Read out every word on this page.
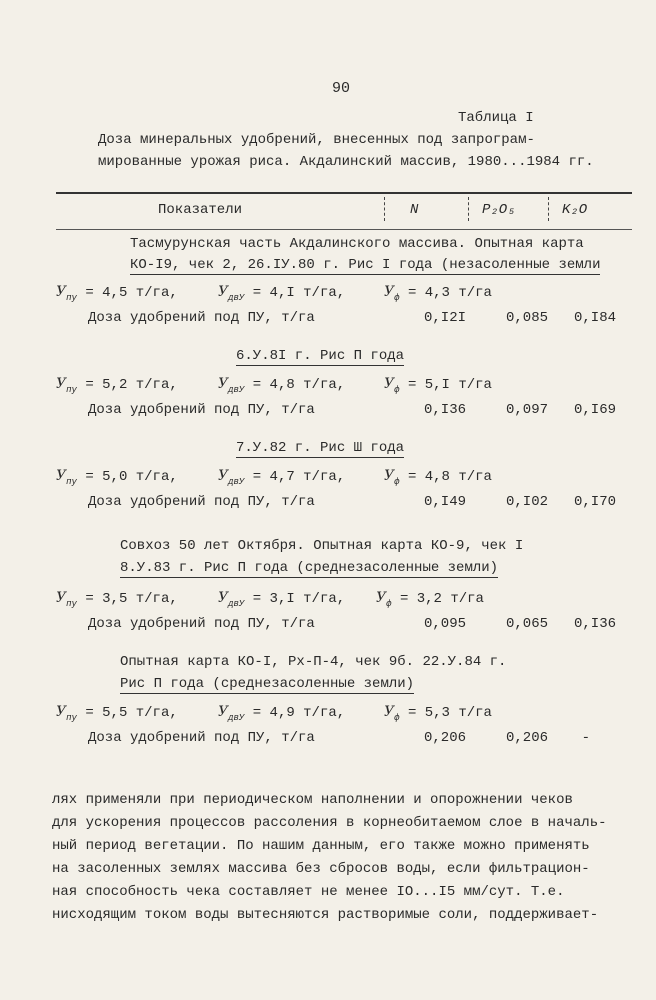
90
Таблица I
Доза минеральных удобрений, внесенных под запрограм-
мированные урожая риса. Акдалинский массив, 1980...1984 гг.
Показатели	N	P₂O₅	K₂O
Тасмурунская часть Акдалинского массива. Опытная карта
КО-I9, чек 2, 26.IУ.80 г. Рис I года (незасоленные земли
$У_{пу} = 4,5$ т/га,	$У_{двУ} = 4,I$ т/га,	$У_ф = 4,3$ т/га
Доза удобрений под ПУ, т/га	0,I2I	0,085	0,I84
6.У.8I г. Рис П года
$У_{пу} = 5,2$ т/га,	$У_{двУ} = 4,8$ т/га,	$У_ф = 5,I$ т/га
Доза удобрений под ПУ, т/га	0,I36	0,097	0,I69
7.У.82 г. Рис Ш года
$У_{пу} = 5,0$ т/га,	$У_{двУ} = 4,7$ т/га,	$У_ф = 4,8$ т/га
Доза удобрений под ПУ, т/га	0,I49	0,I02	0,I70
Совхоз 50 лет Октября. Опытная карта КО-9, чек I
8.У.83 г. Рис П года (среднезасоленные земли)
$У_{пу} = 3,5$ т/га,	$У_{двУ} = 3,I$ т/га, $У_ф = 3,2$ т/га
Доза удобрений под ПУ, т/га	0,095	0,065	0,I36
Опытная карта КО-I, Рх-П-4, чек 9б. 22.У.84 г.
Рис П года (среднезасоленные земли)
$У_{пу} = 5,5$ т/га,	$У_{двУ} = 4,9$ т/га,	$У_ф = 5,3$ т/га
Доза удобрений под ПУ, т/га	0,206	0,206	-
лях применяли при периодическом наполнении и опорожнении чеков
для ускорения процессов рассоления в корнеобитаемом слое в началь-
ный период вегетации. По нашим данным, его также можно применять
на засоленных землях массива без сбросов воды, если фильтрацион-
ная способность чека составляет не менее IO...I5 мм/сут. Т.е.
нисходящим током воды вытесняются растворимые соли, поддерживает-
